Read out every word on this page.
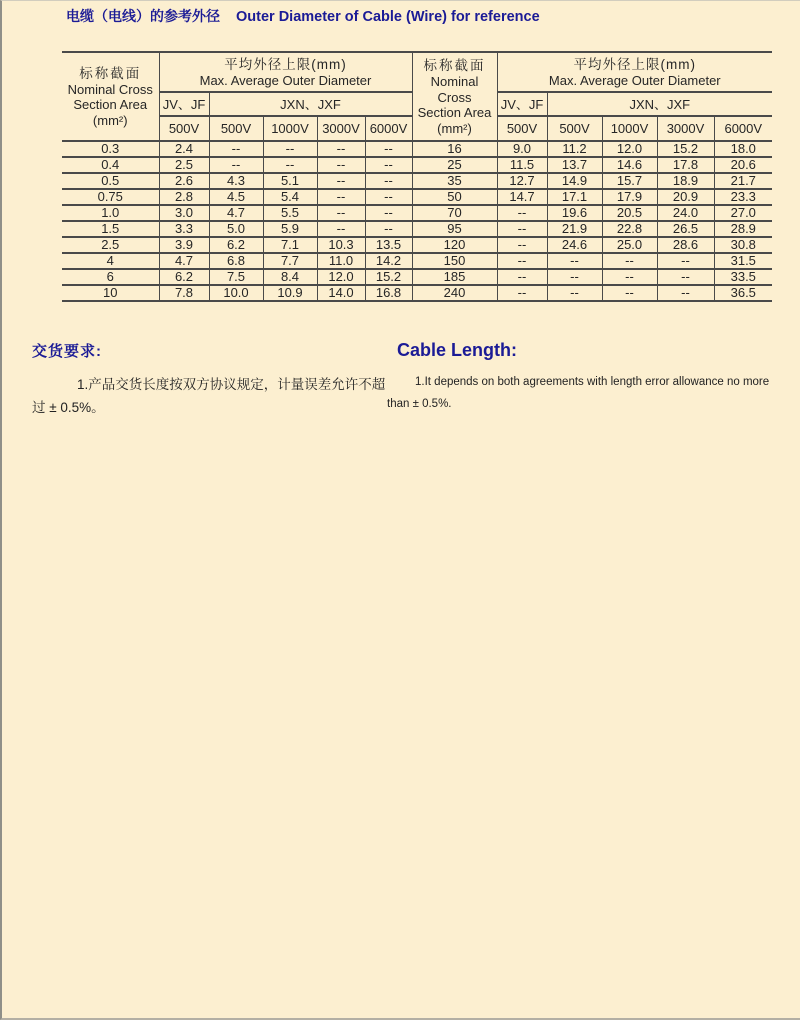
电缆（电线）的参考外径 Outer Diameter of Cable (Wire) for reference
标称截面
Nominal Cross
Section Area
(mm²)

平均外径上限(mm)
Max. Average Outer Diameter

标称截面
Nominal Cross
Section Area
(mm²)

平均外径上限(mm)
Max. Average Outer Diameter

	JV、JF	JXN、JXF					JV、JF	JXN、JXF			
	500V	500V	1000V	3000V	6000V		500V	500V	1000V	3000V	6000V
0.3	2.4	--	--	--	--	16	9.0	11.2	12.0	15.2	18.0
0.4	2.5	--	--	--	--	25	11.5	13.7	14.6	17.8	20.6
0.5	2.6	4.3	5.1	--	--	35	12.7	14.9	15.7	18.9	21.7
0.75	2.8	4.5	5.4	--	--	50	14.7	17.1	17.9	20.9	23.3
1.0	3.0	4.7	5.5	--	--	70	--	19.6	20.5	24.0	27.0
1.5	3.3	5.0	5.9	--	--	95	--	21.9	22.8	26.5	28.9
2.5	3.9	6.2	7.1	10.3	13.5	120	--	24.6	25.0	28.6	30.8
4	4.7	6.8	7.7	11.0	14.2	150	--	--	--	--	31.5
6	6.2	7.5	8.4	12.0	15.2	185	--	--	--	--	33.5
10	7.8	10.0	10.9	14.0	16.8	240	--	--	--	--	36.5
交货要求:

1.产品交货长度按双方协议规定，计量误差允许不超过 ± 0.5%。

Cable Length:

1.It depends on both agreements with length error allowance no more than ± 0.5%.
